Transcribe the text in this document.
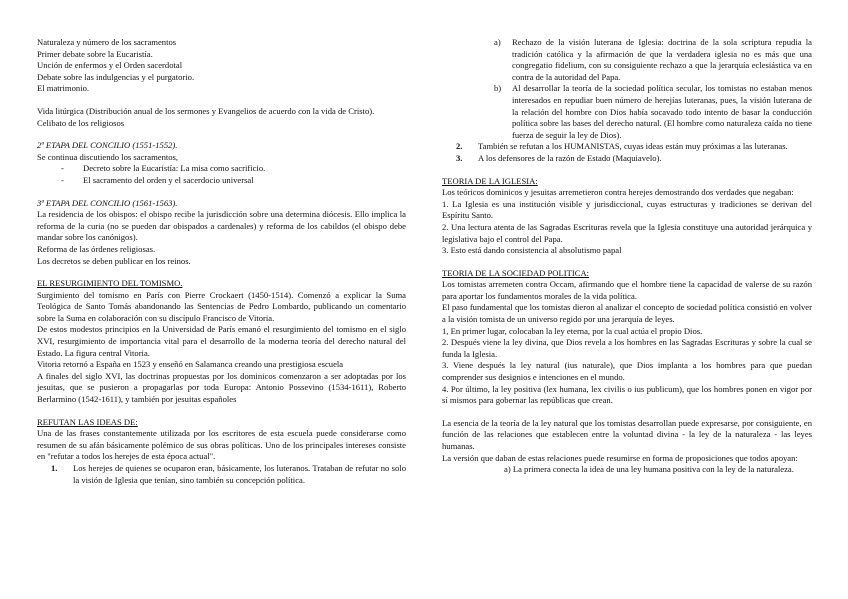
Naturaleza y número de los sacramentos

Primer debate sobre la Eucaristía.

Unción de enfermos y el Orden sacerdotal

Debate sobre las indulgencias y el purgatorio.

El matrimonio.

Vida litúrgica (Distribución anual de los sermones y Evangelios de acuerdo con la vida de Cristo).

Celibato de los religiosos

2ª ETAPA DEL CONCILIO (1551-1552).

Se continua discutiendo los sacramentos,

- Decreto sobre la Eucaristía: La misa como sacrificio.
- El sacramento del orden y el sacerdocio universal

3ª ETAPA DEL CONCILIO (1561-1563).

La residencia de los obispos: el obispo recibe la jurisdicción sobre una determina diócesis. Ello implica la reforma de la curia (no se pueden dar obispados a cardenales) y reforma de los cabildos (el obispo debe mandar sobre los canónigos).

Reforma de las órdenes religiosas.

Los decretos se deben publicar en los reinos.

EL RESURGIMIENTO DEL TOMISMO.

Surgimiento del tomismo en París con Pierre Crockaert (1450-1514). Comenzó a explicar la Suma Teológica de Santo Tomás abandonando las Sentencias de Pedro Lombardo, publicando un comentario sobre la Suma en colaboración con su discípulo Francisco de Vitoria.

De estos modestos principios en la Universidad de París emanó el resurgimiento del tomismo en el siglo XVI, resurgimiento de importancia vital para el desarrollo de la moderna teoría del derecho natural del Estado. La figura central Vitoria.

Vitoria retornó a España en 1523 y enseñó en Salamanca creando una prestigiosa escuela

A finales del siglo XVI, las doctrinas propuestas por los dominicos comenzaron a ser adoptadas por los jesuitas, que se pusieron a propagarlas por toda Europa: Antonio Possevino (1534-1611), Roberto Berlarmino (1542-1611), y también por jesuitas españoles

REFUTAN LAS IDEAS DE:

Una de las frases constantemente utilizada por los escritores de esta escuela puede considerarse como resumen de su afán básicamente polémico de sus obras políticas. Uno de los principales intereses consiste en "refutar a todos los herejes de esta época actual".

1. Los herejes de quienes se ocuparon eran, básicamente, los luteranos. Trataban de refutar no solo la visión de Iglesia que tenían, sino también su concepción política.
a) Rechazo de la visión luterana de Iglesia: doctrina de la sola scriptura repudia la tradición católica y la afirmación de que la verdadera iglesia no es más que una congregatio fidelium, con su consiguiente rechazo a que la jerarquía eclesiástica va en contra de la autoridad del Papa.
b) Al desarrollar la teoría de la sociedad política secular, los tomistas no estaban menos interesados en repudiar buen número de herejías luteranas, pues, la visión luterana de la relación del hombre con Dios había socavado todo intento de basar la conducción política sobre las bases del derecho natural. (El hombre como naturaleza caída no tiene fuerza de seguir la ley de Dios).
2. También se refutan a los HUMANISTAS, cuyas ideas están muy próximas a las luteranas.
3. A los defensores de la razón de Estado (Maquiavelo).

TEORIA DE LA IGLESIA:

Los teóricos dominicos y jesuitas arremetieron contra herejes demostrando dos verdades que negaban:

1. La Iglesia es una institución visible y jurisdiccional, cuyas estructuras y tradiciones se derivan del Espíritu Santo.

2. Una lectura atenta de las Sagradas Escrituras revela que la Iglesia constituye una autoridad jerárquica y legislativa bajo el control del Papa.

3. Esto está dando consistencia al absolutismo papal

TEORIA DE LA SOCIEDAD POLITICA:

Los tomistas arremeten contra Occam, afirmando que el hombre tiene la capacidad de valerse de su razón para aportar los fundamentos morales de la vida política.

El paso fundamental que los tomistas dieron al analizar el concepto de sociedad política consistió en volver a la visión tomista de un universo regido por una jerarquía de leyes.

1, En primer lugar, colocaban la ley eterna, por la cual actúa el propio Dios.

2. Después viene la ley divina, que Dios revela a los hombres en las Sagradas Escrituras y sobre la cual se funda la Iglesia.

3. Viene después la ley natural (ius naturale), que Dios implanta a los hombres para que puedan comprender sus designios e intenciones en el mundo.

4. Por último, la ley positiva (lex humana, lex civilis o ius publicum), que los hombres ponen en vigor por sí mismos para gobernar las repúblicas que crean.

La esencia de la teoría de la ley natural que los tomistas desarrollan puede expresarse, por consiguiente, en función de las relaciones que establecen entre la voluntad divina - la ley de la naturaleza - las leyes humanas.

La versión que daban de estas relaciones puede resumirse en forma de proposiciones que todos apoyan:

a) La primera conecta la idea de una ley humana positiva con la ley de la naturaleza.
